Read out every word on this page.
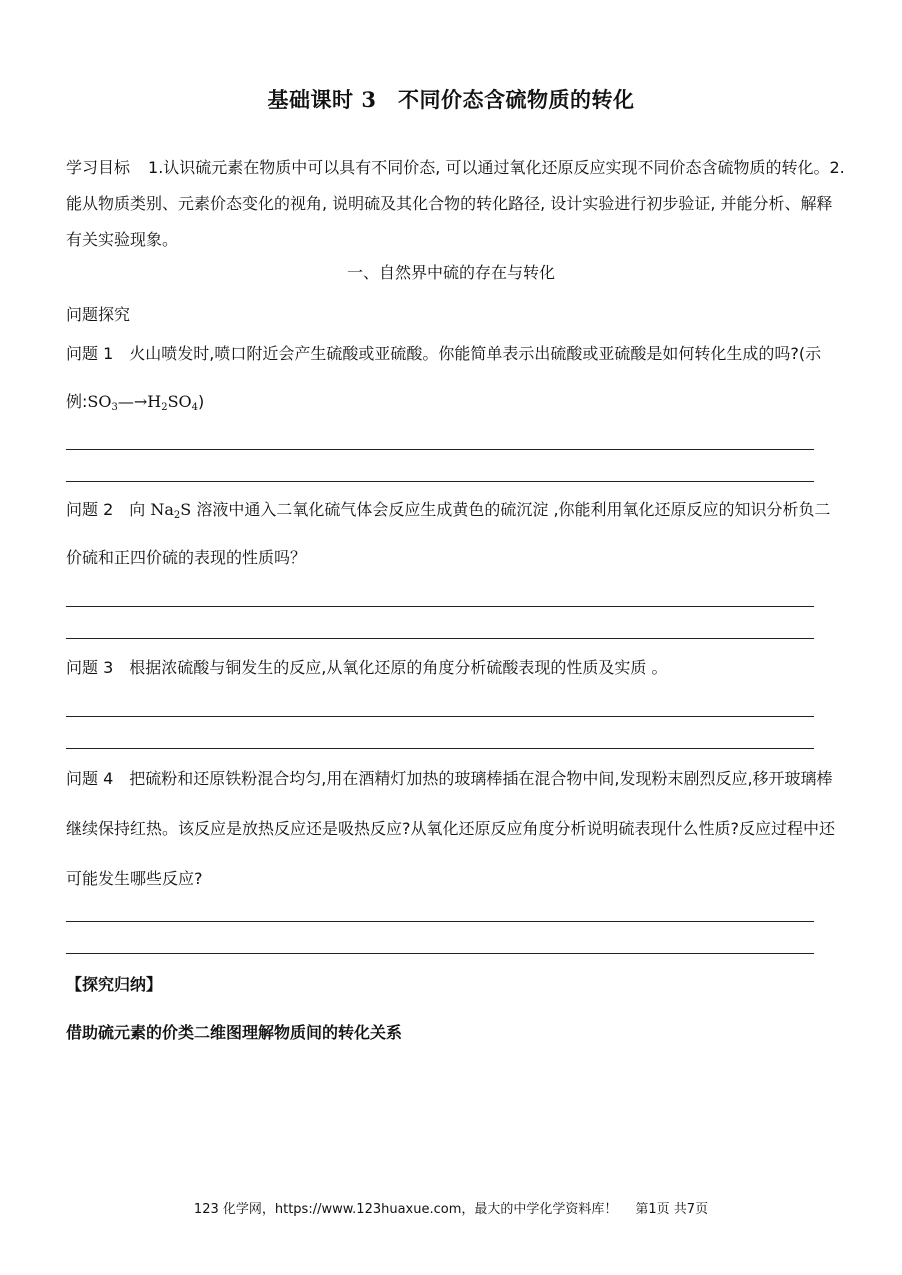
基础课时 3　不同价态含硫物质的转化
学习目标 1.认识硫元素在物质中可以具有不同价态, 可以通过氧化还原反应实现不同价态含硫物质的转化。2.能从物质类别、元素价态变化的视角, 说明硫及其化合物的转化路径, 设计实验进行初步验证, 并能分析、解释有关实验现象。
一、自然界中硫的存在与转化
问题探究
问题 1 火山喷发时,喷口附近会产生硫酸或亚硫酸。你能简单表示出硫酸或亚硫酸是如何转化生成的吗?(示例$:SO_3—\to H_2SO_4$)
问题 2 向 $Na_2S$ 溶液中通入二氧化硫气体会反应生成黄色的硫沉淀 ,你能利用氧化还原反应的知识分析负二价硫和正四价硫的表现的性质吗？
问题 3 根据浓硫酸与铜发生的反应,从氧化还原的角度分析硫酸表现的性质及实质 。
问题 4 把硫粉和还原铁粉混合均匀,用在酒精灯加热的玻璃棒插在混合物中间,发现粉末剧烈反应,移开玻璃棒继续保持红热。该反应是放热反应还是吸热反应?从氧化还原反应角度分析说明硫表现什么性质?反应过程中还可能发生哪些反应?
【探究归纳】
借助硫元素的价类二维图理解物质间的转化关系
123 化学网，https://www.123huaxue.com，最大的中学化学资料库！ 第1页 共7页
